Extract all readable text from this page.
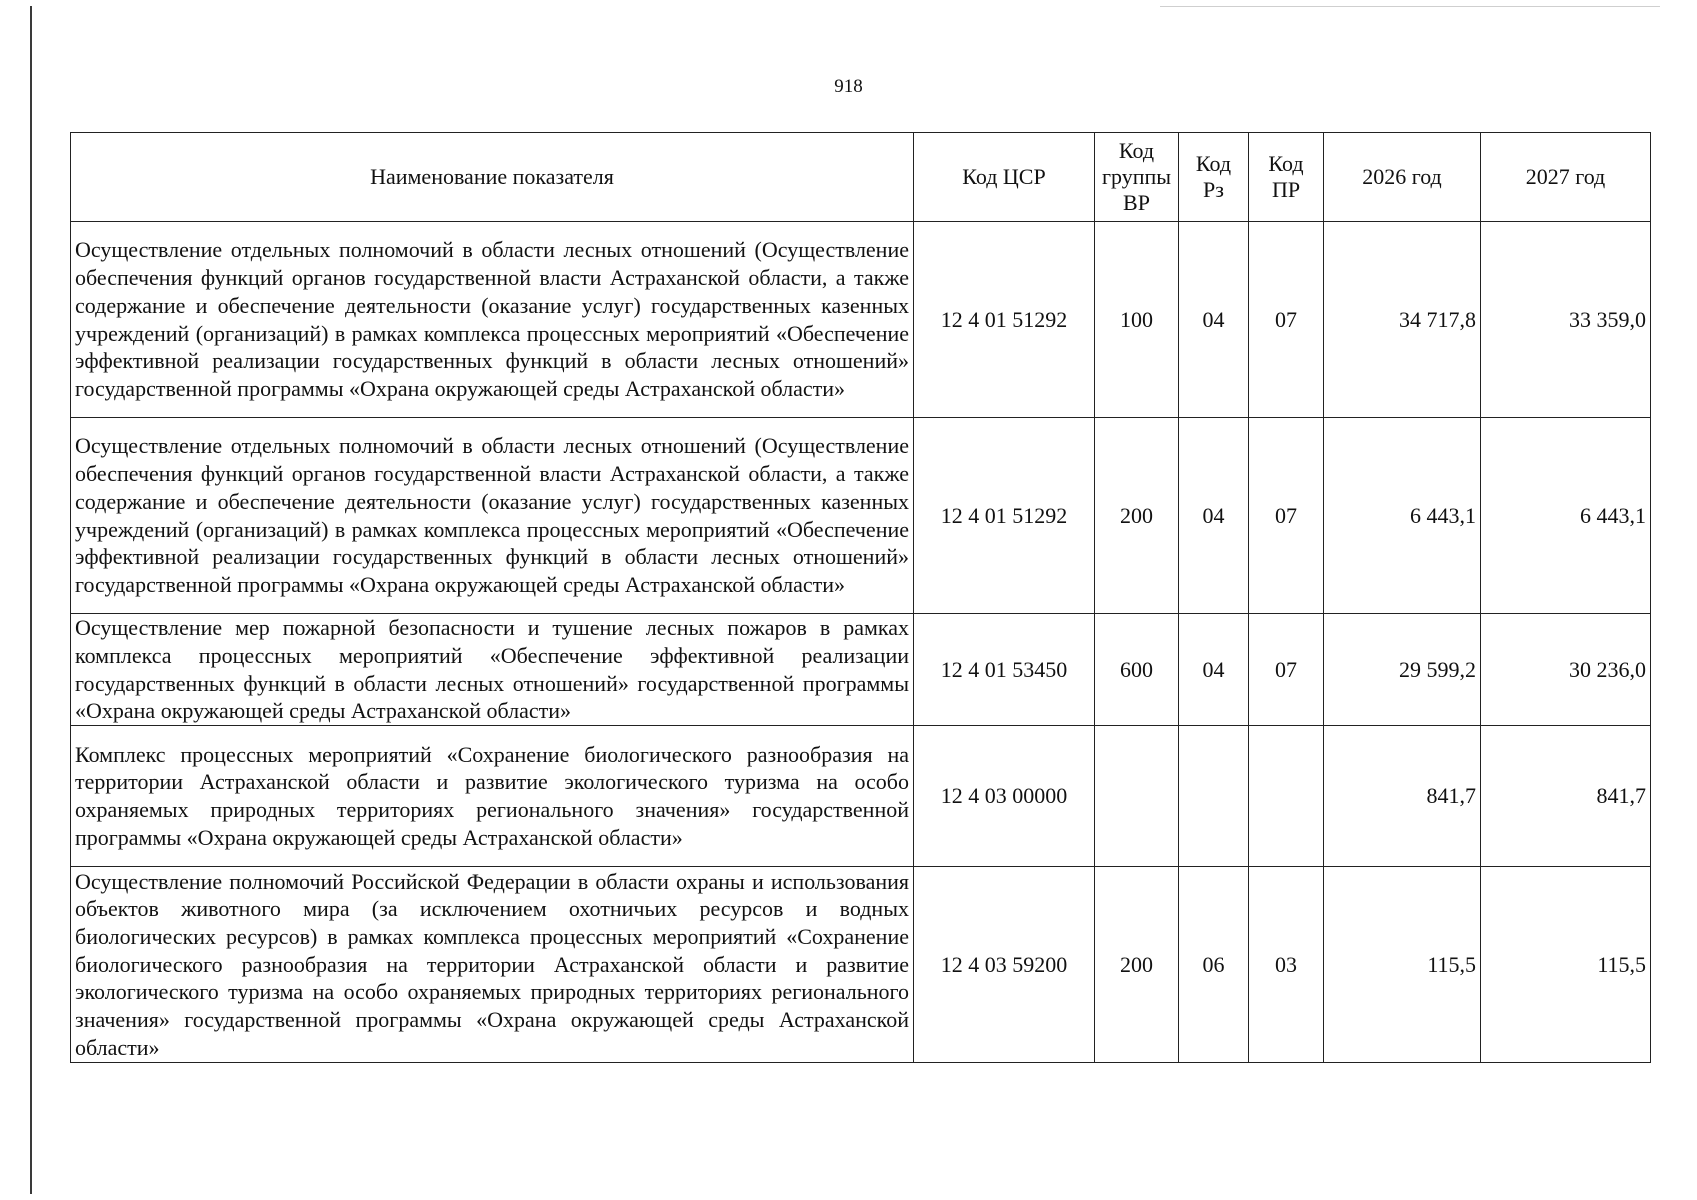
918
Наименование показателя	Код ЦСР	Код группы ВР	Код Рз	Код ПР	2026 год	2027 год
Осуществление отдельных полномочий в области лесных отношений (Осуществление обеспечения функций органов государственной власти Астраханской области, а также содержание и обеспечение деятельности (оказание услуг) государственных казенных учреждений (организаций) в рамках комплекса процессных мероприятий «Обеспечение эффективной реализации государственных функций в области лесных отношений» государственной программы «Охрана окружающей среды Астраханской области»	12 4 01 51292	100	04	07	34 717,8	33 359,0
Осуществление отдельных полномочий в области лесных отношений (Осуществление обеспечения функций органов государственной власти Астраханской области, а также содержание и обеспечение деятельности (оказание услуг) государственных казенных учреждений (организаций) в рамках комплекса процессных мероприятий «Обеспечение эффективной реализации государственных функций в области лесных отношений» государственной программы «Охрана окружающей среды Астраханской области»	12 4 01 51292	200	04	07	6 443,1	6 443,1
Осуществление мер пожарной безопасности и тушение лесных пожаров в рамках комплекса процессных мероприятий «Обеспечение эффективной реализации государственных функций в области лесных отношений» государственной программы «Охрана окружающей среды Астраханской области»	12 4 01 53450	600	04	07	29 599,2	30 236,0
Комплекс процессных мероприятий «Сохранение биологического разнообразия на территории Астраханской области и развитие экологического туризма на особо охраняемых природных территориях регионального значения» государственной программы «Охрана окружающей среды Астраханской области»	12 4 03 00000				841,7	841,7
Осуществление полномочий Российской Федерации в области охраны и использования объектов животного мира (за исключением охотничьих ресурсов и водных биологических ресурсов) в рамках комплекса процессных мероприятий «Сохранение биологического разнообразия на территории Астраханской области и развитие экологического туризма на особо охраняемых природных территориях регионального значения» государственной программы «Охрана окружающей среды Астраханской области»	12 4 03 59200	200	06	03	115,5	115,5
